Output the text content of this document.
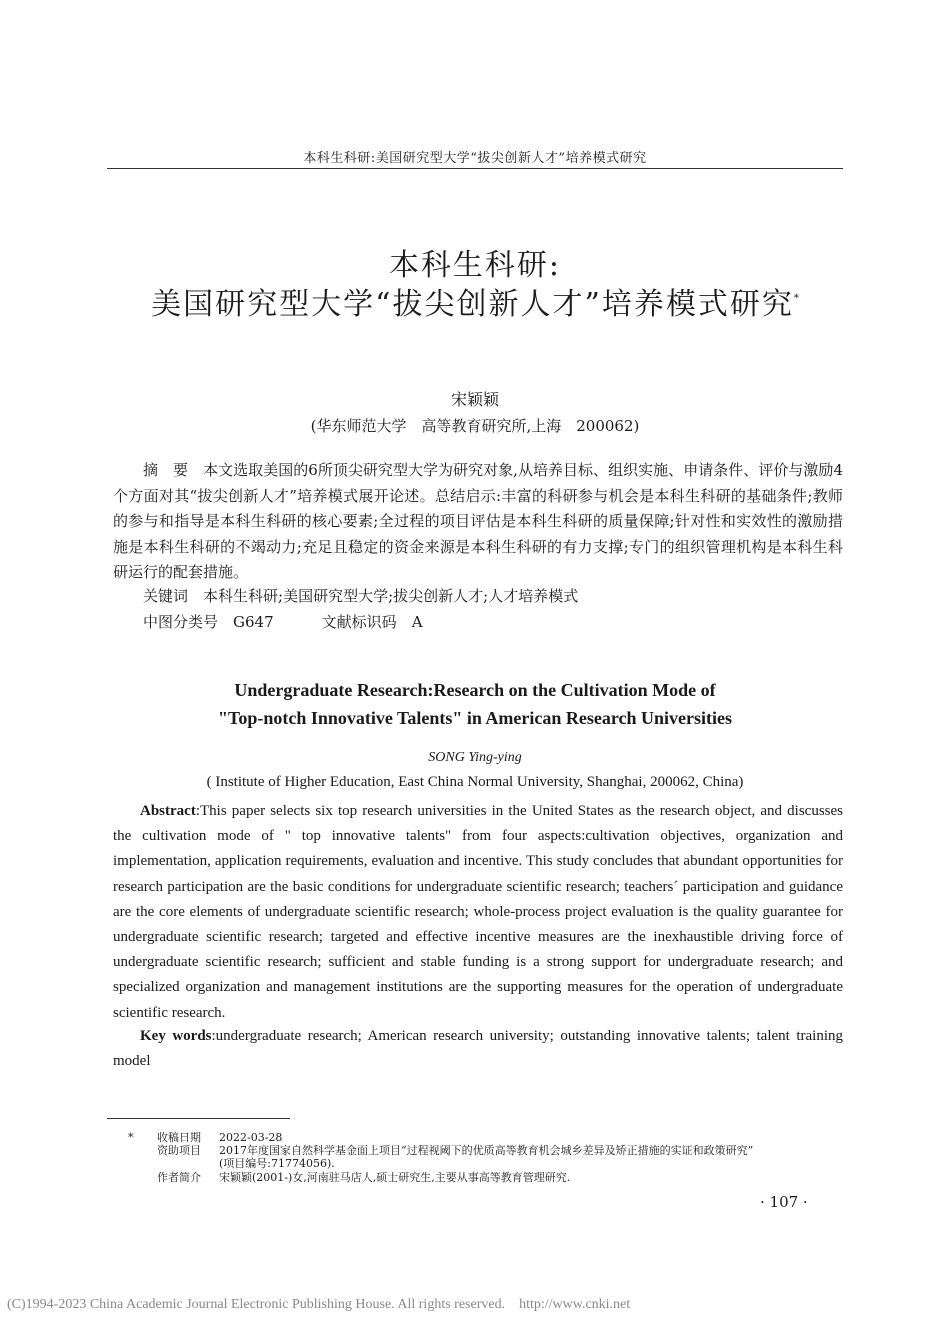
本科生科研:美国研究型大学“拔尖创新人才”培养模式研究
本科生科研:
美国研究型大学“拔尖创新人才”培养模式研究*
宋颖颖
(华东师范大学　高等教育研究所,上海　200062)
摘　要　 本文选取美国的6所顶尖研究型大学为研究对象,从培养目标、组织实施、申请条件、评价与激励4个方面对其“拔尖创新人才”培养模式展开论述。总结启示:丰富的科研参与机会是本科生科研的基础条件;教师的参与和指导是本科生科研的核心要素;全过程的项目评估是本科生科研的质量保障;针对性和实效性的激励措施是本科生科研的不竭动力;充足且稳定的资金来源是本科生科研的有力支撑;专门的组织管理机构是本科生科研运行的配套措施。
关键词　 本科生科研;美国研究型大学;拔尖创新人才;人才培养模式
中图分类号　 G647	文献标识码　 A
Undergraduate Research:Research on the Cultivation Mode of
"Top-notch Innovative Talents" in American Research Universities
SONG Ying-ying
( Institute of Higher Education, East China Normal University, Shanghai, 200062, China)
Abstract:This paper selects six top research universities in the United States as the research object, and discusses the cultivation mode of " top innovative talents" from four aspects:cultivation objectives, organization and implementation, application requirements, evaluation and incentive. This study concludes that abundant opportunities for research participation are the basic conditions for undergraduate scientific research; teachers´ participation and guidance are the core elements of undergraduate scientific research; whole-process project evaluation is the quality guarantee for undergraduate scientific research; targeted and effective incentive measures are the inexhaustible driving force of undergraduate scientific research; sufficient and stable funding is a strong support for undergraduate research; and specialized organization and management institutions are the supporting measures for the operation of undergraduate scientific research.
Key words:undergraduate research; American research university; outstanding innovative talents; talent training model
* 收稿日期 2022-03-28
资助项目 2017年度国家自然科学基金面上项目“过程视阈下的优质高等教育机会城乡差异及矫正措施的实证和政策研究”
(项目编号:71774056).
作者简介 宋颖颖(2001-)女,河南驻马店人,硕士研究生,主要从事高等教育管理研究.
· 107 ·
(C)1994-2023 China Academic Journal Electronic Publishing House. All rights reserved. http://www.cnki.net
